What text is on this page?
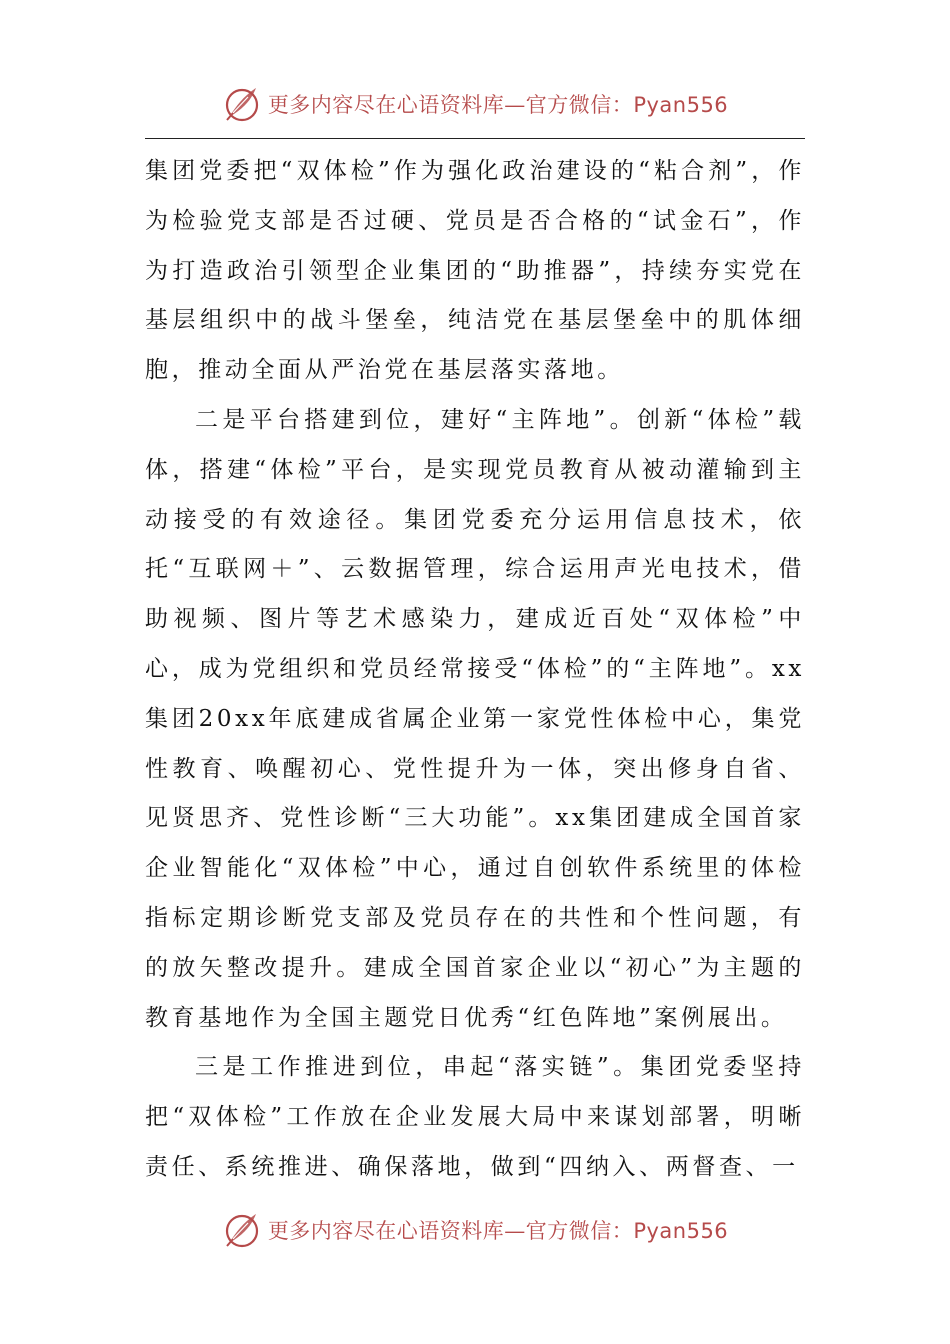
更多内容尽在心语资料库—官方微信：Pyan556

集团党委把“双体检”作为强化政治建设的“粘合剂”，作为检验党支部是否过硬、党员是否合格的“试金石”，作为打造政治引领型企业集团的“助推器”，持续夯实党在基层组织中的战斗堡垒，纯洁党在基层堡垒中的肌体细胞，推动全面从严治党在基层落实落地。

二是平台搭建到位，建好“主阵地”。创新“体检”载体，搭建“体检”平台，是实现党员教育从被动灌输到主动接受的有效途径。集团党委充分运用信息技术，依托“互联网＋”、云数据管理，综合运用声光电技术，借助视频、图片等艺术感染力，建成近百处“双体检”中心，成为党组织和党员经常接受“体检”的“主阵地”。xx集团20xx年底建成省属企业第一家党性体检中心，集党性教育、唤醒初心、党性提升为一体，突出修身自省、见贤思齐、党性诊断“三大功能”。xx集团建成全国首家企业智能化“双体检”中心，通过自创软件系统里的体检指标定期诊断党支部及党员存在的共性和个性问题，有的放矢整改提升。建成全国首家企业以“初心”为主题的教育基地作为全国主题党日优秀“红色阵地”案例展出。

三是工作推进到位，串起“落实链”。集团党委坚持把“双体检”工作放在企业发展大局中来谋划部署，明晰责任、系统推进、确保落地，做到“四纳入、两督查、一

更多内容尽在心语资料库—官方微信：Pyan556
